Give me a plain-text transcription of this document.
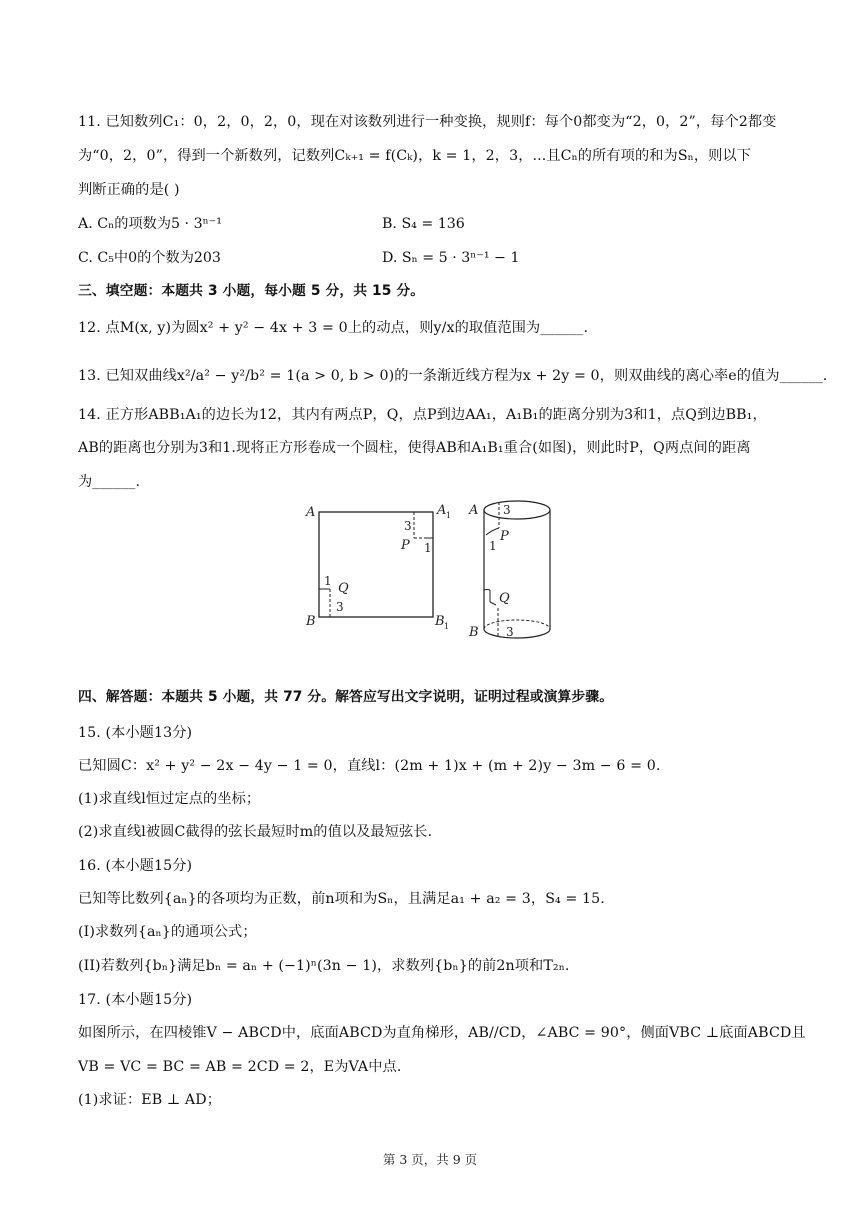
11. 已知数列C₁：0，2，0，2，0，现在对该数列进行一种变换，规则f：每个0都变为“2，0，2”，每个2都变
为“0，2，0”，得到一个新数列，记数列Cₖ₊₁ = f(Cₖ)，k = 1，2，3，...且Cₙ的所有项的和为Sₙ，则以下
判断正确的是( )
A. Cₙ的项数为5 · 3ⁿ⁻¹	B. S₄ = 136
C. C₅中0的个数为203	D. Sₙ = 5 · 3ⁿ⁻¹ − 1
三、填空题：本题共 3 小题，每小题 5 分，共 15 分。
12. 点M(x, y)为圆x² + y² − 4x + 3 = 0上的动点，则y/x的取值范围为______.
13. 已知双曲线x²/a² − y²/b² = 1(a > 0, b > 0)的一条渐近线方程为x + 2y = 0，则双曲线的离心率e的值为______.
14. 正方形ABB₁A₁的边长为12，其内有两点P，Q，点P到边AA₁，A₁B₁的距离分别为3和1，点Q到边BB₁，
AB的距离也分别为3和1.现将正方形卷成一个圆柱，使得AB和A₁B₁重合(如图)，则此时P，Q两点间的距离
为______.
A	A 1
B	B 1
3
P 1
1 Q
3
A 3
P
1
Q
B 3
四、解答题：本题共 5 小题，共 77 分。解答应写出文字说明，证明过程或演算步骤。
15. (本小题13分)
已知圆C：x² + y² − 2x − 4y − 1 = 0，直线l：(2m + 1)x + (m + 2)y − 3m − 6 = 0.
(1)求直线l恒过定点的坐标；
(2)求直线l被圆C截得的弦长最短时m的值以及最短弦长.
16. (本小题15分)
已知等比数列{aₙ}的各项均为正数，前n项和为Sₙ，且满足a₁ + a₂ = 3，S₄ = 15.
(I)求数列{aₙ}的通项公式；
(II)若数列{bₙ}满足bₙ = aₙ + (−1)ⁿ(3n − 1)，求数列{bₙ}的前2n项和T₂ₙ.
17. (本小题15分)
如图所示，在四棱锥V − ABCD中，底面ABCD为直角梯形，AB//CD，∠ABC = 90°，侧面VBC ⊥底面ABCD且
VB = VC = BC = AB = 2CD = 2，E为VA中点.
(1)求证：EB ⊥ AD；
第 3 页，共 9 页
